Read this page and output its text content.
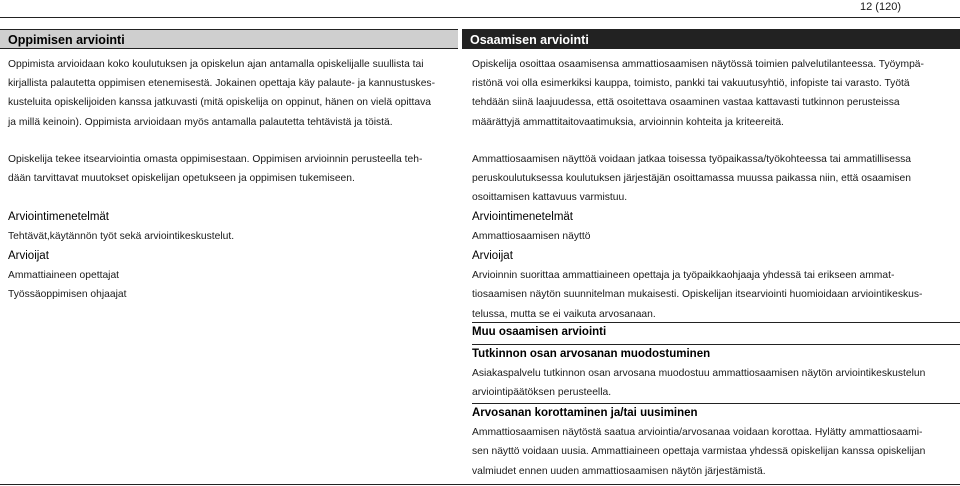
12 (120)
Oppimisen arviointi	Osaamisen arviointi
Oppimista arvioidaan koko koulutuksen ja opiskelun ajan antamalla opiskelijalle suullista tai
kirjallista palautetta oppimisen etenemisestä. Jokainen opettaja käy palaute- ja kannustuskes-
kusteluita opiskelijoiden kanssa jatkuvasti (mitä opiskelija on oppinut, hänen on vielä opittava
ja millä keinoin). Oppimista arvioidaan myös antamalla palautetta tehtävistä ja töistä.
Opiskelija tekee itsearviointia omasta oppimisestaan. Oppimisen arvioinnin perusteella teh-
dään tarvittavat muutokset opiskelijan opetukseen ja oppimisen tukemiseen.
Arviointimenetelmät
Tehtävät,käytännön työt sekä arviointikeskustelut.
Arvioijat
Ammattiaineen opettajat
Työssäoppimisen ohjaajat
Opiskelija osoittaa osaamisensa ammattiosaamisen näytössä toimien palvelutilanteessa. Työympä-
ristönä voi olla esimerkiksi kauppa, toimisto, pankki tai vakuutusyhtiö, infopiste tai varasto. Työtä
tehdään siinä laajuudessa, että osoitettava osaaminen vastaa kattavasti tutkinnon perusteissa
määrättyjä ammattitaitovaatimuksia, arvioinnin kohteita ja kriteereitä.
Ammattiosaamisen näyttöä voidaan jatkaa toisessa työpaikassa/työkohteessa tai ammatillisessa
peruskoulutuksessa koulutuksen järjestäjän osoittamassa muussa paikassa niin, että osaamisen
osoittamisen kattavuus varmistuu.
Arviointimenetelmät
Ammattiosaamisen näyttö
Arvioijat
Arvioinnin suorittaa ammattiaineen opettaja ja työpaikkaohjaaja yhdessä tai erikseen ammat-
tiosaamisen näytön suunnitelman mukaisesti. Opiskelijan itsearviointi huomioidaan arviointikeskus-
telussa, mutta se ei vaikuta arvosanaan.
Muu osaamisen arviointi
Tutkinnon osan arvosanan muodostuminen
Asiakaspalvelu tutkinnon osan arvosana muodostuu ammattiosaamisen näytön arviointikeskustelun
arviointipäätöksen perusteella.
Arvosanan korottaminen ja/tai uusiminen
Ammattiosaamisen näytöstä saatua arviointia/arvosanaa voidaan korottaa. Hylätty ammattiosaami-
sen näyttö voidaan uusia. Ammattiaineen opettaja varmistaa yhdessä opiskelijan kanssa opiskelijan
valmiudet ennen uuden ammattiosaamisen näytön järjestämistä.
